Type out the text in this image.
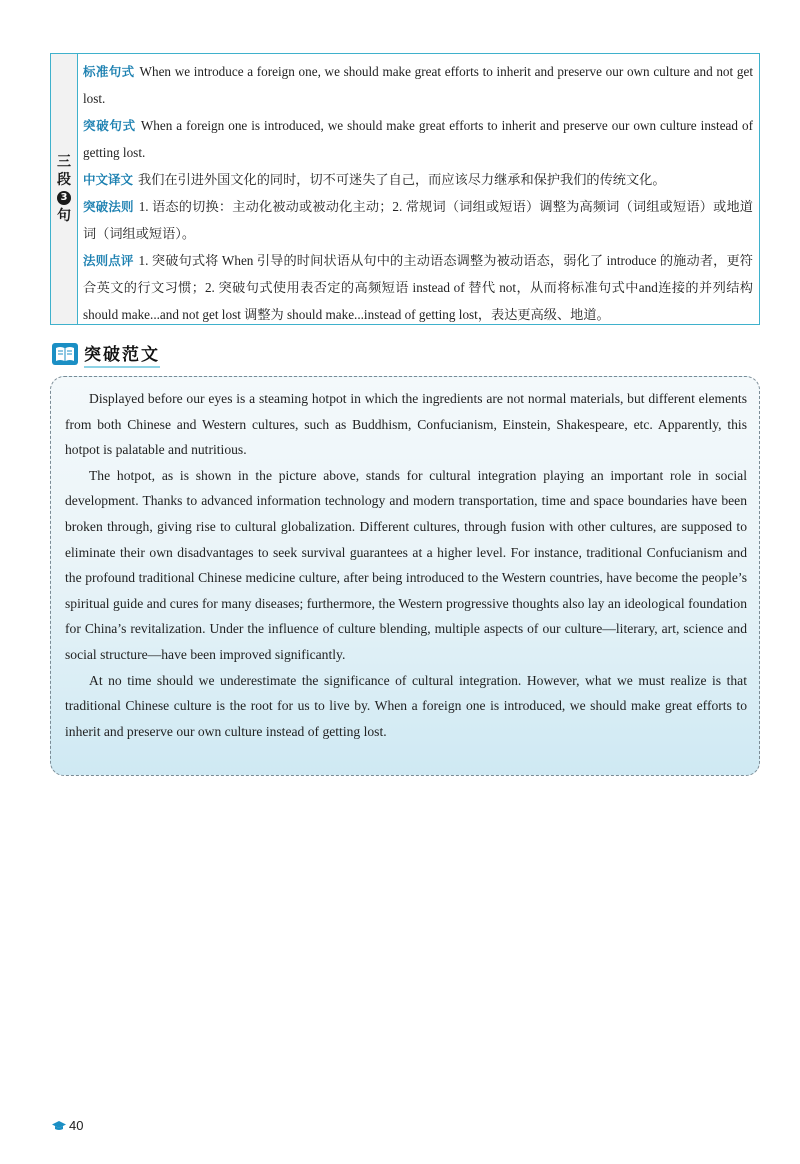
三
段
3
句
标准句式 When we introduce a foreign one, we should make great efforts to inherit and preserve our own culture and not get lost.
突破句式 When a foreign one is introduced, we should make great efforts to inherit and preserve our own culture instead of getting lost.
中文译文 我们在引进外国文化的同时，切不可迷失了自己，而应该尽力继承和保护我们的传统文化。
突破法则 1. 语态的切换：主动化被动或被动化主动；2. 常规词（词组或短语）调整为高频词（词组或短语）或地道词（词组或短语）。
法则点评 1. 突破句式将 When 引导的时间状语从句中的主动语态调整为被动语态，弱化了 introduce 的施动者，更符合英文的行文习惯；2. 突破句式使用表否定的高频短语 instead of 替代 not，从而将标准句式中and连接的并列结构 should make...and not get lost 调整为 should make...instead of getting lost，表达更高级、地道。
突破范文

Displayed before our eyes is a steaming hotpot in which the ingredients are not normal materials, but different elements from both Chinese and Western cultures, such as Buddhism, Confucianism, Einstein, Shakespeare, etc. Apparently, this hotpot is palatable and nutritious.

The hotpot, as is shown in the picture above, stands for cultural integration playing an important role in social development. Thanks to advanced information technology and modern transportation, time and space boundaries have been broken through, giving rise to cultural globalization. Different cultures, through fusion with other cultures, are supposed to eliminate their own disadvantages to seek survival guarantees at a higher level. For instance, traditional Confucianism and the profound traditional Chinese medicine culture, after being introduced to the Western countries, have become the people’s spiritual guide and cures for many diseases; furthermore, the Western progressive thoughts also lay an ideological foundation for China’s revitalization. Under the influence of culture blending, multiple aspects of our culture—literary, art, science and social structure—have been improved significantly.

At no time should we underestimate the significance of cultural integration. However, what we must realize is that traditional Chinese culture is the root for us to live by. When a foreign one is introduced, we should make great efforts to inherit and preserve our own culture instead of getting lost.

40
